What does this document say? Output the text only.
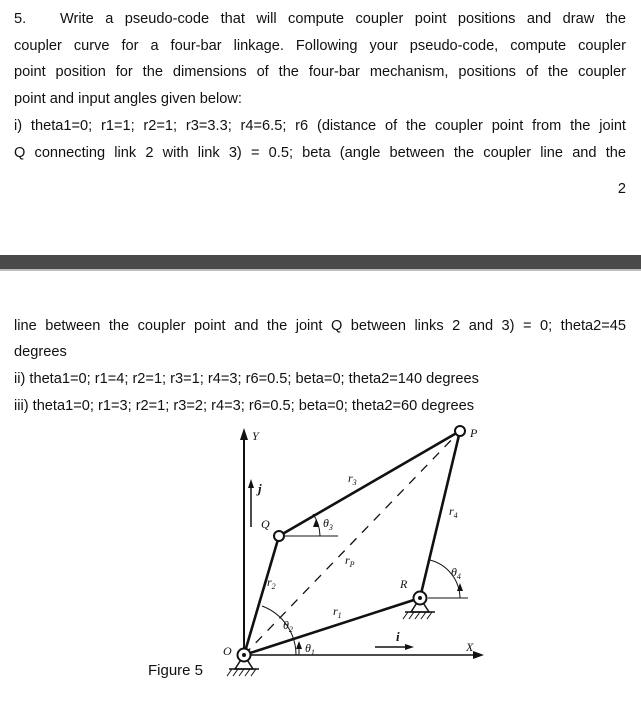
5. Write a pseudo-code that will compute coupler point positions and draw the
coupler curve for a four-bar linkage. Following your pseudo-code, compute coupler
point position for the dimensions of the four-bar mechanism, positions of the coupler
point and input angles given below:
i) theta1=0; r1=1; r2=1; r3=3.3; r4=6.5; r6 (distance of the coupler point from the joint
Q connecting link 2 with link 3) = 0.5; beta (angle between the coupler line and the
2
line between the coupler point and the joint Q between links 2 and 3) = 0; theta2=45
degrees
ii) theta1=0; r1=4; r2=1; r3=1; r4=3; r6=0.5; beta=0; theta2=140 degrees
iii) theta1=0; r1=3; r2=1; r3=2; r4=3; r6=0.5; beta=0; theta2=60 degrees
Y
X
O
Q
R
P
j
i
$r_1$
$r_2$
$r_3$
$r_4$
$r_P$
$\theta_1$
$\theta_2$
$\theta_3$
$\theta_4$
Figure 5
